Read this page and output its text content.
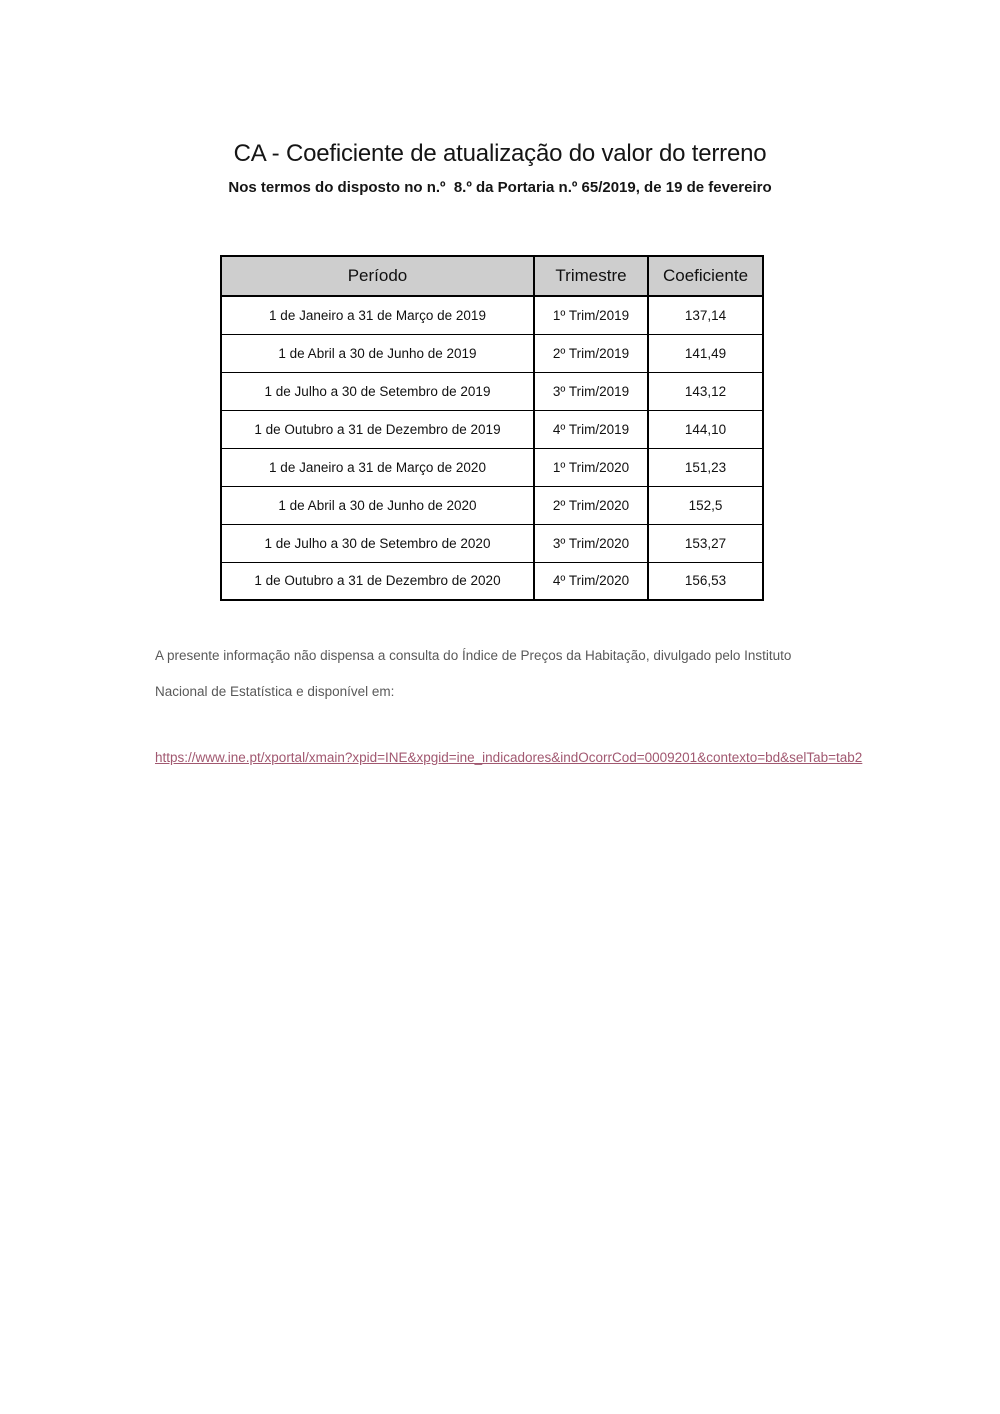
CA - Coeficiente de atualização do valor do terreno
Nos termos do disposto no n.º  8.º da Portaria n.º 65/2019, de 19 de fevereiro
Período	Trimestre	Coeficiente
1 de Janeiro a 31 de Março de 2019	1º Trim/2019	137,14
1 de Abril a 30 de Junho de 2019	2º Trim/2019	141,49
1 de Julho a 30 de Setembro de 2019	3º Trim/2019	143,12
1 de Outubro a 31 de Dezembro de 2019	4º Trim/2019	144,10
1 de Janeiro a 31 de Março de 2020	1º Trim/2020	151,23
1 de Abril a 30 de Junho de 2020	2º Trim/2020	152,5
1 de Julho a 30 de Setembro de 2020	3º Trim/2020	153,27
1 de Outubro a 31 de Dezembro de 2020	4º Trim/2020	156,53
A presente informação não dispensa a consulta do Índice de Preços da Habitação, divulgado pelo Instituto
Nacional de Estatística e disponível em:
https://www.ine.pt/xportal/xmain?xpid=INE&xpgid=ine_indicadores&indOcorrCod=0009201&contexto=bd&selTab=tab2
